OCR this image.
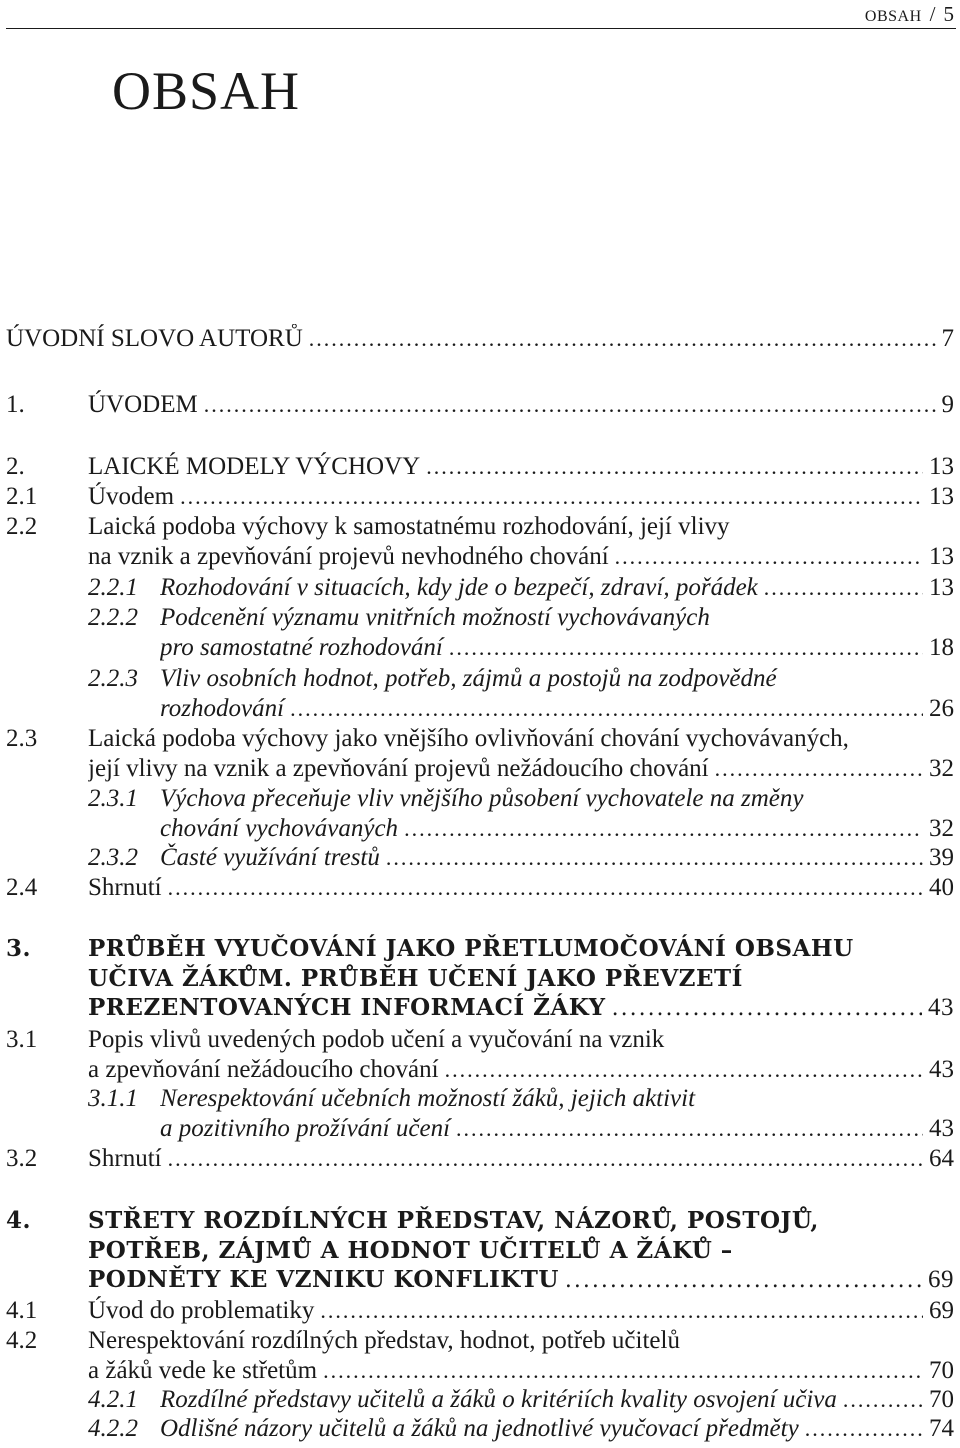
OBSAH / 5
OBSAH
ÚVODNÍ SLOVO AUTORŮ .....	7
1.	ÚVODEM .....	9
2.	LAICKÉ MODELY VÝCHOVY .....	13
2.1 Úvodem .....	13
2.2 Laická podoba výchovy k samostatnému rozhodování, její vlivy
na vznik a zpevňování projevů nevhodného chování .....	13
2.2.1 Rozhodování v situacích, kdy jde o bezpečí, zdraví, pořádek .....	13
2.2.2 Podcenění významu vnitřních možností vychovávaných
pro samostatné rozhodování .....	18
2.2.3 Vliv osobních hodnot, potřeb, zájmů a postojů na zodpovědné
rozhodování .....	26
2.3 Laická podoba výchovy jako vnějšího ovlivňování chování vychovávaných,
její vlivy na vznik a zpevňování projevů nežádoucího chování .....	32
2.3.1 Výchova přeceňuje vliv vnějšího působení vychovatele na změny
chování vychovávaných .....	32
2.3.2 Časté využívání trestů .....	39
2.4 Shrnutí .....	40
3. PRŮBĚH VYUČOVÁNÍ JAKO PŘETLUMOČOVÁNÍ OBSAHU
UČIVA ŽÁKŮM. PRŮBĚH UČENÍ JAKO PŘEVZETÍ
PREZENTOVANÝCH INFORMACÍ ŽÁKY .....	43
3.1 Popis vlivů uvedených podob učení a vyučování na vznik
a zpevňování nežádoucího chování .....	43
3.1.1 Nerespektování učebních možností žáků, jejich aktivit
a pozitivního prožívání učení .....	43
3.2 Shrnutí .....	64
4. STŘETY ROZDÍLNÝCH PŘEDSTAV, NÁZORŮ, POSTOJŮ,
POTŘEB, ZÁJMŮ A HODNOT UČITELŮ A ŽÁKŮ –
PODNĚTY KE VZNIKU KONFLIKTU .....	69
4.1 Úvod do problematiky .....	69
4.2 Nerespektování rozdílných představ, hodnot, potřeb učitelů
a žáků vede ke střetům .....	70
4.2.1 Rozdílné představy učitelů a žáků o kritériích kvality osvojení učiva .....	70
4.2.2 Odlišné názory učitelů a žáků na jednotlivé vyučovací předměty .....	74
